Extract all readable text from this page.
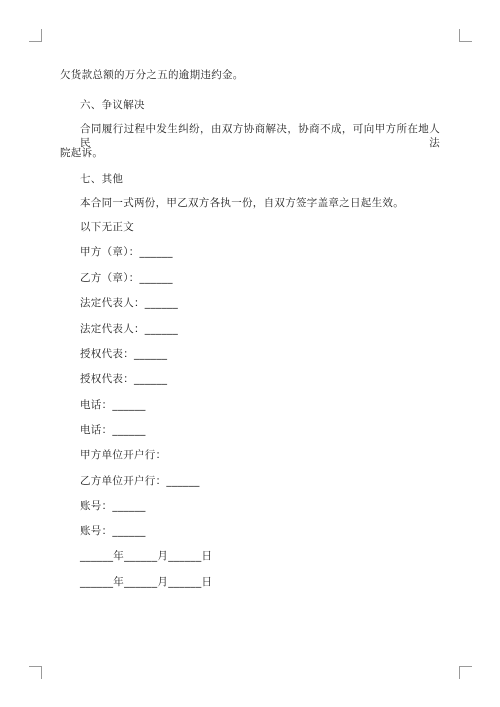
欠货款总额的万分之五的逾期违约金。
六、争议解决
合同履行过程中发生纠纷，由双方协商解决，协商不成，可向甲方所在地人民法
院起诉。
七、其他
本合同一式两份，甲乙双方各执一份，自双方签字盖章之日起生效。
以下无正文
甲方（章）：______
乙方（章）：______
法定代表人：______
法定代表人：______
授权代表：______
授权代表：______
电话：______
电话：______
甲方单位开户行：
乙方单位开户行：______
账号：______
账号：______
______年______月______日
______年______月______日
